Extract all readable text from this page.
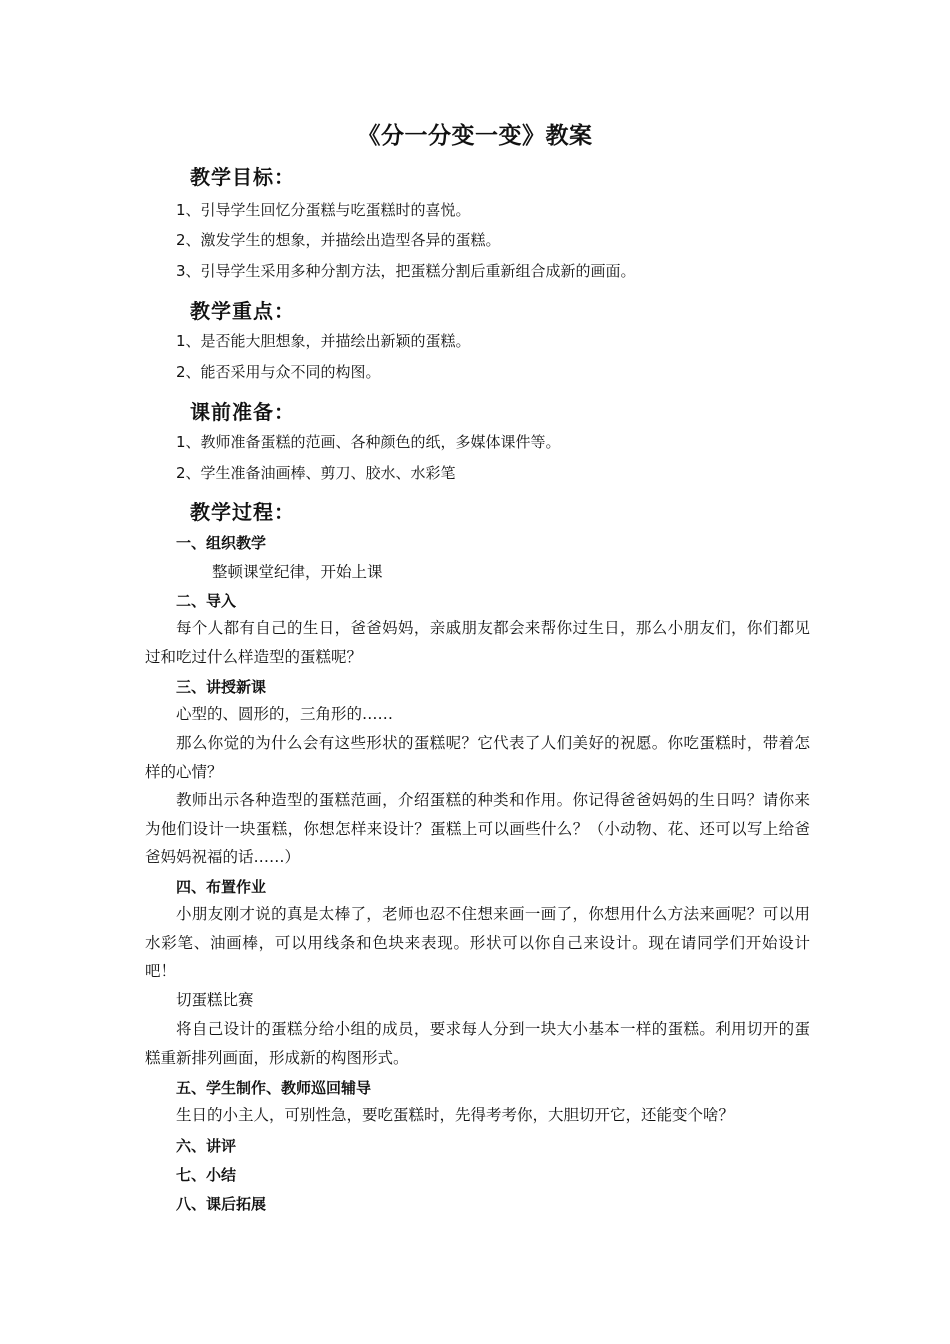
《分一分变一变》教案
教学目标：
1、引导学生回忆分蛋糕与吃蛋糕时的喜悦。
2、激发学生的想象，并描绘出造型各异的蛋糕。
3、引导学生采用多种分割方法，把蛋糕分割后重新组合成新的画面。
教学重点：
1、是否能大胆想象，并描绘出新颖的蛋糕。
2、能否采用与众不同的构图。
课前准备：
1、教师准备蛋糕的范画、各种颜色的纸，多媒体课件等。
2、学生准备油画棒、剪刀、胶水、水彩笔
教学过程：
一、组织教学
整顿课堂纪律，开始上课
二、导入
每个人都有自己的生日，爸爸妈妈，亲戚朋友都会来帮你过生日，那么小朋友们，你们都见过和吃过什么样造型的蛋糕呢？
三、讲授新课
心型的、圆形的，三角形的……
那么你觉的为什么会有这些形状的蛋糕呢？它代表了人们美好的祝愿。你吃蛋糕时，带着怎样的心情？
教师出示各种造型的蛋糕范画，介绍蛋糕的种类和作用。你记得爸爸妈妈的生日吗？请你来为他们设计一块蛋糕，你想怎样来设计？蛋糕上可以画些什么？（小动物、花、还可以写上给爸爸妈妈祝福的话……）
四、布置作业
小朋友刚才说的真是太棒了，老师也忍不住想来画一画了，你想用什么方法来画呢？可以用水彩笔、油画棒，可以用线条和色块来表现。形状可以你自己来设计。现在请同学们开始设计吧！
切蛋糕比赛
将自己设计的蛋糕分给小组的成员，要求每人分到一块大小基本一样的蛋糕。利用切开的蛋糕重新排列画面，形成新的构图形式。
五、学生制作、教师巡回辅导
生日的小主人，可别性急，要吃蛋糕时，先得考考你，大胆切开它，还能变个啥？
六、讲评
七、小结
八、课后拓展
